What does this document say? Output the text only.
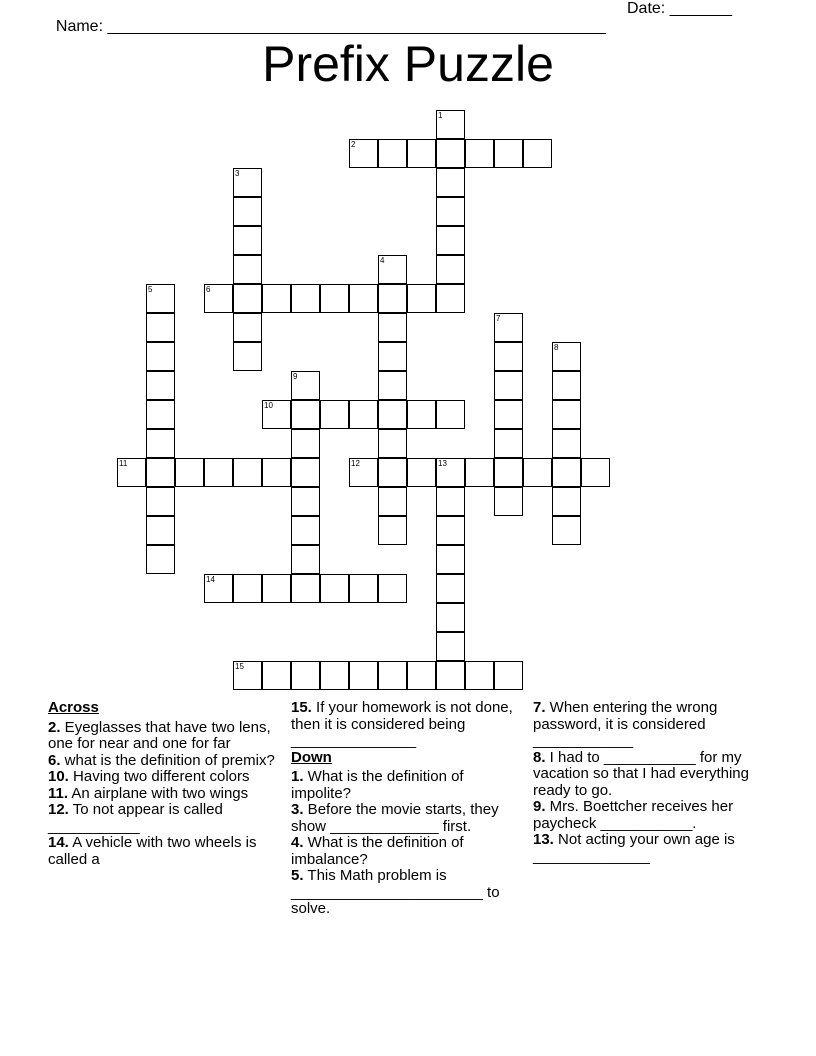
Name: ________________________________________________________

Date: _______

Prefix Puzzle
1
2
3
4
5	6
7
8
9
10
11	12	13
14
15
Across
2. Eyeglasses that have two lens, one for near and one for far
6. what is the definition of premix?
10. Having two different colors
11. An airplane with two wings
12. To not appear is called ___________
14. A vehicle with two wheels is called a
15. If your homework is not done, then it is considered being _______________
Down
1. What is the definition of impolite?
3. Before the movie starts, they show _____________ first.
4. What is the definition of imbalance?
5. This Math problem is _______________________ to solve.
7. When entering the wrong password, it is considered ____________
8. I had to ___________ for my vacation so that I had everything ready to go.
9. Mrs. Boettcher receives her paycheck ___________.
13. Not acting your own age is ______________
